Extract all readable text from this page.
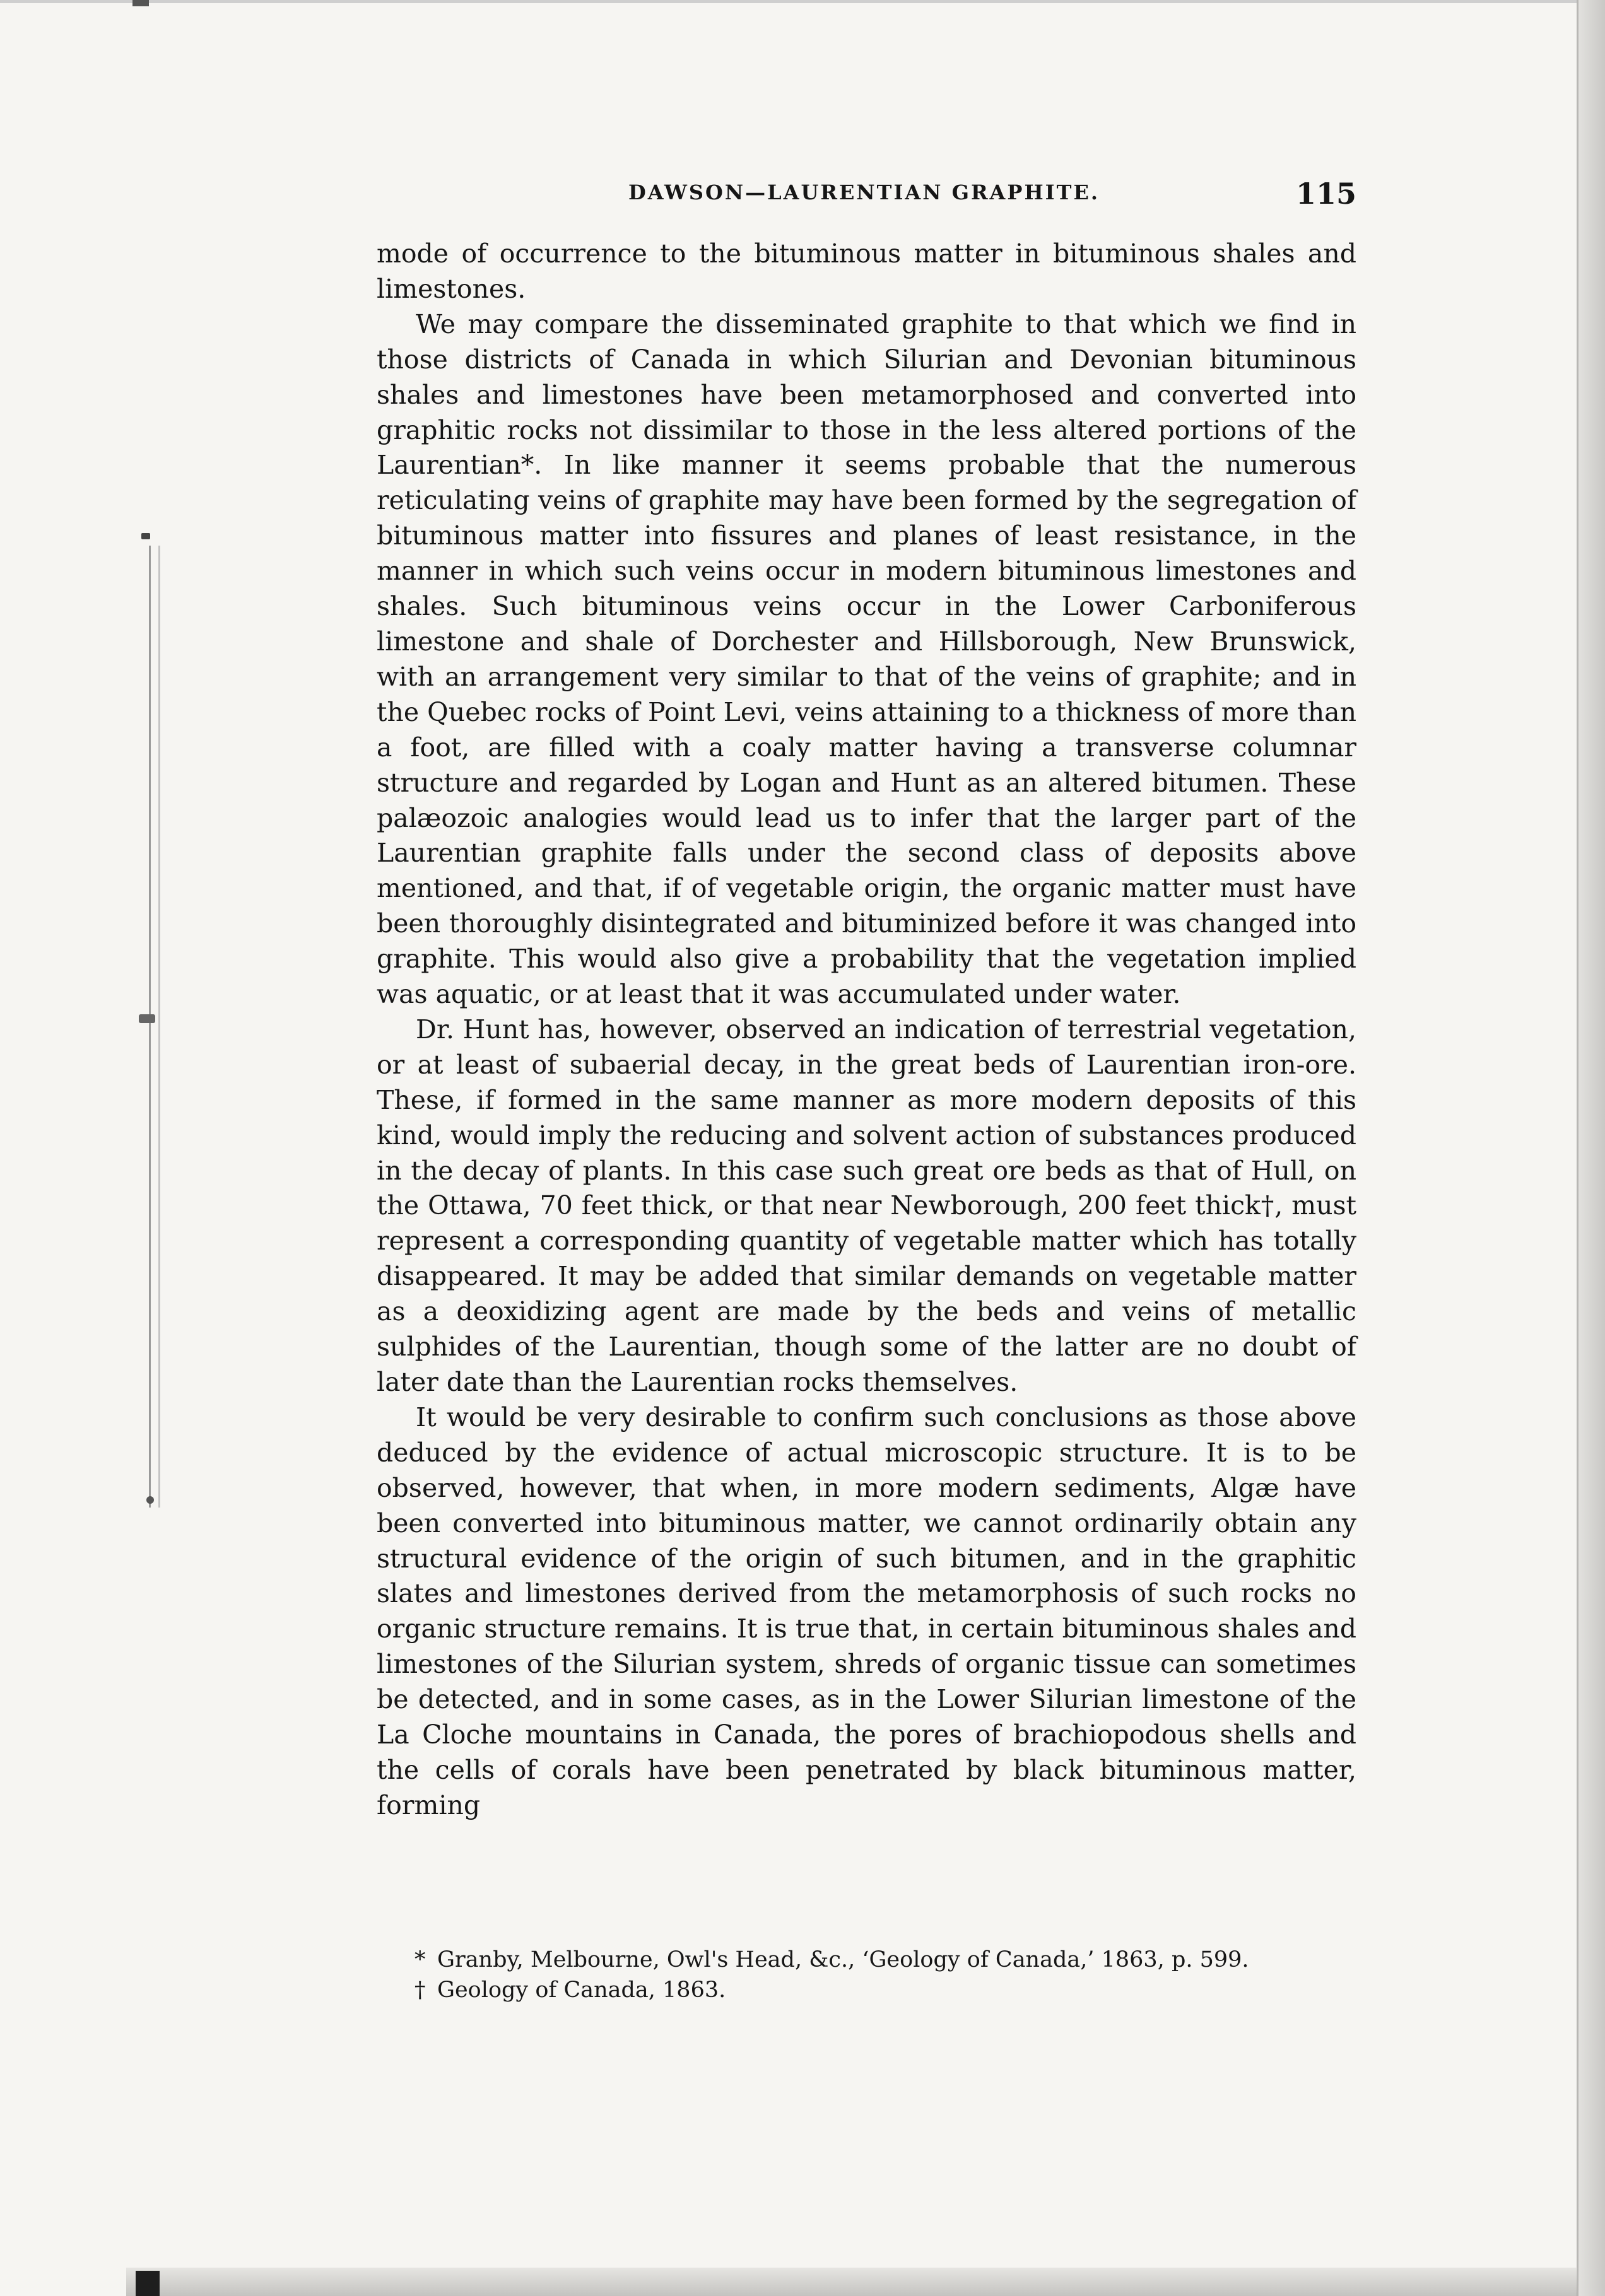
DAWSON—LAURENTIAN GRAPHITE.	115

mode of occurrence to the bituminous matter in bituminous shales and limestones.

We may compare the disseminated graphite to that which we find in those districts of Canada in which Silurian and Devonian bituminous shales and limestones have been metamorphosed and converted into graphitic rocks not dissimilar to those in the less altered portions of the Laurentian*. In like manner it seems probable that the numerous reticulating veins of graphite may have been formed by the segregation of bituminous matter into fissures and planes of least resistance, in the manner in which such veins occur in modern bituminous limestones and shales. Such bituminous veins occur in the Lower Carboniferous limestone and shale of Dorchester and Hillsborough, New Brunswick, with an arrangement very similar to that of the veins of graphite; and in the Quebec rocks of Point Levi, veins attaining to a thickness of more than a foot, are filled with a coaly matter having a transverse columnar structure and regarded by Logan and Hunt as an altered bitumen. These palæozoic analogies would lead us to infer that the larger part of the Laurentian graphite falls under the second class of deposits above mentioned, and that, if of vegetable origin, the organic matter must have been thoroughly disintegrated and bituminized before it was changed into graphite. This would also give a probability that the vegetation implied was aquatic, or at least that it was accumulated under water.

Dr. Hunt has, however, observed an indication of terrestrial vegetation, or at least of subaerial decay, in the great beds of Laurentian iron-ore. These, if formed in the same manner as more modern deposits of this kind, would imply the reducing and solvent action of substances produced in the decay of plants. In this case such great ore beds as that of Hull, on the Ottawa, 70 feet thick, or that near Newborough, 200 feet thick†, must represent a corresponding quantity of vegetable matter which has totally disappeared. It may be added that similar demands on vegetable matter as a deoxidizing agent are made by the beds and veins of metallic sulphides of the Laurentian, though some of the latter are no doubt of later date than the Laurentian rocks themselves.

It would be very desirable to confirm such conclusions as those above deduced by the evidence of actual microscopic structure. It is to be observed, however, that when, in more modern sediments, Algæ have been converted into bituminous matter, we cannot ordinarily obtain any structural evidence of the origin of such bitumen, and in the graphitic slates and limestones derived from the metamorphosis of such rocks no organic structure remains. It is true that, in certain bituminous shales and limestones of the Silurian system, shreds of organic tissue can sometimes be detected, and in some cases, as in the Lower Silurian limestone of the La Cloche mountains in Canada, the pores of brachiopodous shells and the cells of corals have been penetrated by black bituminous matter, forming

* Granby, Melbourne, Owl's Head, &c., ‘Geology of Canada,’ 1863, p. 599.

† Geology of Canada, 1863.
